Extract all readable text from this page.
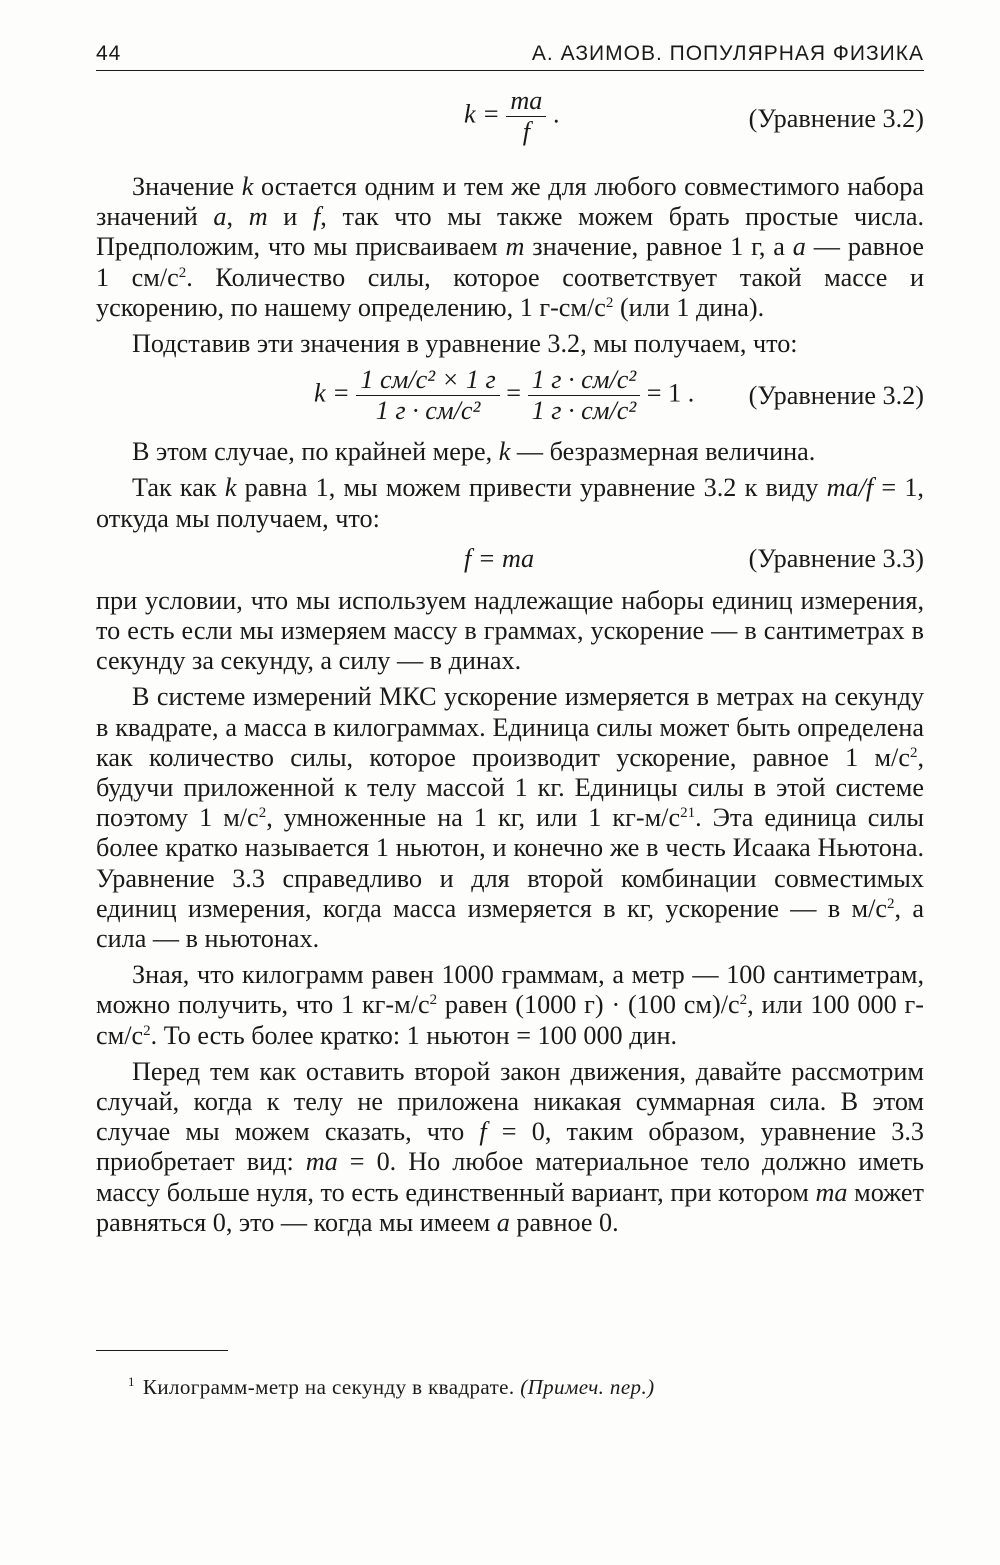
44	А. АЗИМОВ. ПОПУЛЯРНАЯ ФИЗИКА
$k = \frac{ma}{f}$ .	(Уравнение 3.2)

Значение k остается одним и тем же для любого совместимого набора значений a, m и f, так что мы также можем брать простые числа. Предположим, что мы присваиваем m значение, равное 1 г, а a — равное 1 $см/с^2$. Количество силы, которое соответствует такой массе и ускорению, по нашему определению, 1 $г-см/с^2$ (или 1 дина).

Подставив эти значения в уравнение 3.2, мы получаем, что:

$k = \frac{\text{1 см/с² × 1 г}}{\text{1 г · см/с²}} = \frac{\text{1 г · см/с²}}{\text{1 г · см/с²}} = 1$ . (Уравнение 3.2)

В этом случае, по крайней мере, k — безразмерная величина.

Так как k равна 1, мы можем привести уравнение 3.2 к виду ma/f = 1, откуда мы получаем, что:

f = ma	(Уравнение 3.3)

при условии, что мы используем надлежащие наборы единиц измерения, то есть если мы измеряем массу в граммах, ускорение — в сантиметрах в секунду за секунду, а силу — в динах.

В системе измерений МКС ускорение измеряется в метрах на секунду в квадрате, а масса в килограммах. Единица силы может быть определена как количество силы, которое производит ускорение, равное 1 $м/с^2$, будучи приложенной к телу массой 1 кг. Единицы силы в этой системе поэтому 1 $м/с^2$, умноженные на 1 кг, или 1 $кг-м/с^{21}$. Эта единица силы более кратко называется 1 ньютон, и конечно же в честь Исаака Ньютона. Уравнение 3.3 справедливо и для второй комбинации совместимых единиц измерения, когда масса измеряется в кг, ускорение — в $м/с^2$, а сила — в ньютонах.

Зная, что килограмм равен 1000 граммам, а метр — 100 сантиметрам, можно получить, что 1 $кг-м/с^2$ равен (1000 г) · (100 $см)/с^2$, или 100 000 $г-см/с^2$. То есть более кратко: 1 ньютон = 100 000 дин.

Перед тем как оставить второй закон движения, давайте рассмотрим случай, когда к телу не приложена никакая суммарная сила. В этом случае мы можем сказать, что f = 0, таким образом, уравнение 3.3 приобретает вид: ma = 0. Но любое материальное тело должно иметь массу больше нуля, то есть единственный вариант, при котором ma может равняться 0, это — когда мы имеем a равное 0.

$^1$ Килограмм-метр на секунду в квадрате. (Примеч. пер.)
